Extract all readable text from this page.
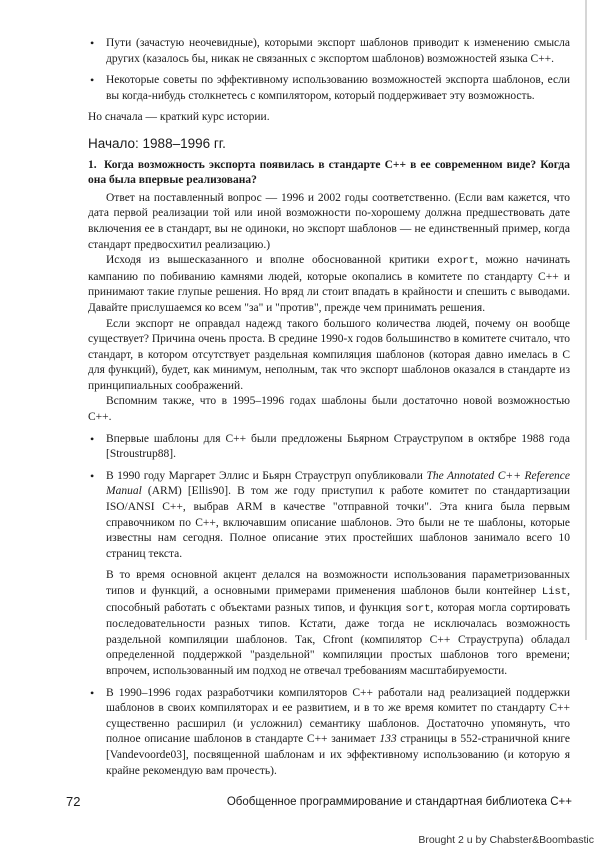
• Пути (зачастую неочевидные), которыми экспорт шаблонов приводит к изменению смысла других (казалось бы, никак не связанных с экспортом шаблонов) возможностей языка С++.
• Некоторые советы по эффективному использованию возможностей экспорта шаблонов, если вы когда-нибудь столкнетесь с компилятором, который поддерживает эту возможность.

Но сначала — краткий курс истории.

Начало: 1988–1996 гг.

1. Когда возможность экспорта появилась в стандарте С++ в ее современном виде? Когда она была впервые реализована?

Ответ на поставленный вопрос — 1996 и 2002 годы соответственно. (Если вам кажется, что дата первой реализации той или иной возможности по-хорошему должна предшествовать дате включения ее в стандарт, вы не одиноки, но экспорт шаблонов — не единственный пример, когда стандарт предвосхитил реализацию.)

Исходя из вышесказанного и вполне обоснованной критики export, можно начинать кампанию по побиванию камнями людей, которые окопались в комитете по стандарту С++ и принимают такие глупые решения. Но вряд ли стоит впадать в крайности и спешить с выводами. Давайте прислушаемся ко всем "за" и "против", прежде чем принимать решения.

Если экспорт не оправдал надежд такого большого количества людей, почему он вообще существует? Причина очень проста. В средине 1990-х годов большинство в комитете считало, что стандарт, в котором отсутствует раздельная компиляция шаблонов (которая давно имелась в С для функций), будет, как минимум, неполным, так что экспорт шаблонов оказался в стандарте из принципиальных соображений.

Вспомним также, что в 1995–1996 годах шаблоны были достаточно новой возможностью С++.

• Впервые шаблоны для С++ были предложены Бьярном Страуструпом в октябре 1988 года [Stroustrup88].
• В 1990 году Маргарет Эллис и Бьярн Страуструп опубликовали The Annotated C++ Reference Manual (ARM) [Ellis90]. В том же году приступил к работе комитет по стандартизации ISO/ANSI С++, выбрав ARM в качестве "отправной точки". Эта книга была первым справочником по С++, включавшим описание шаблонов. Это были не те шаблоны, которые известны нам сегодня. Полное описание этих простейших шаблонов занимало всего 10 страниц текста.

В то время основной акцент делался на возможности использования параметризованных типов и функций, а основными примерами применения шаблонов были контейнер List, способный работать с объектами разных типов, и функция sort, которая могла сортировать последовательности разных типов. Кстати, даже тогда не исключалась возможность раздельной компиляции шаблонов. Так, Cfront (компилятор С++ Страуструпа) обладал определенной поддержкой "раздельной" компиляции простых шаблонов того времени; впрочем, использованный им подход не отвечал требованиям масштабируемости.

• В 1990–1996 годах разработчики компиляторов С++ работали над реализацией поддержки шаблонов в своих компиляторах и ее развитием, и в то же время комитет по стандарту С++ существенно расширил (и усложнил) семантику шаблонов. Достаточно упомянуть, что полное описание шаблонов в стандарте С++ занимает 133 страницы в 552-страничной книге [Vandevoorde03], посвященной шаблонам и их эффективному использованию (и которую я крайне рекомендую вам прочесть).
72	Обобщенное программирование и стандартная библиотека С++
Brought 2 u by Chabster&Boombastic
